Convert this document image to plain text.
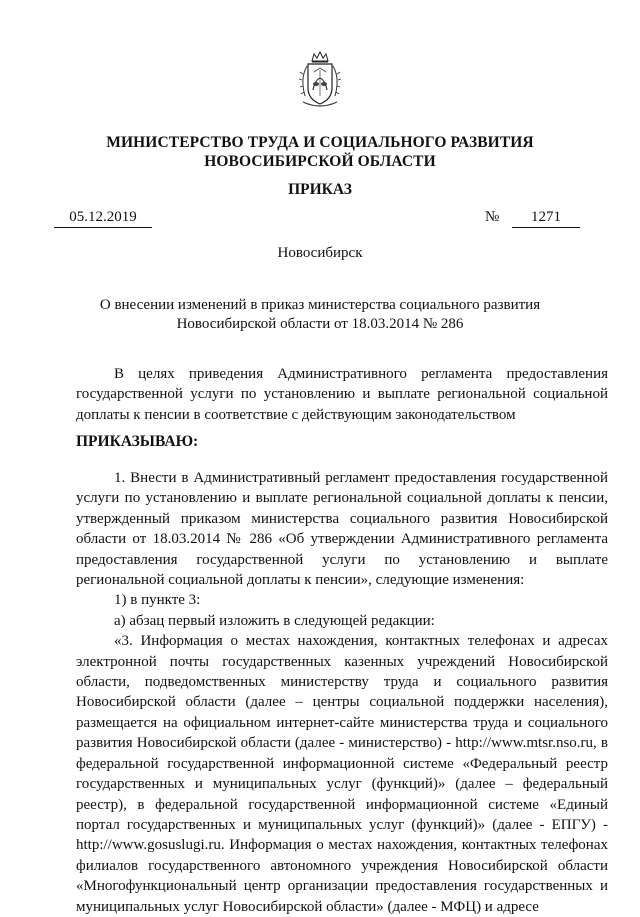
МИНИСТЕРСТВО ТРУДА И СОЦИАЛЬНОГО РАЗВИТИЯ
НОВОСИБИРСКОЙ ОБЛАСТИ
ПРИКАЗ
05.12.2019	№	1271
Новосибирск
О внесении изменений в приказ министерства социального развития
Новосибирской области от 18.03.2014 № 286

В целях приведения Административного регламента предоставления государственной услуги по установлению и выплате региональной социальной доплаты к пенсии в соответствие с действующим законодательством

ПРИКАЗЫВАЮ:

1. Внести в Административный регламент предоставления государственной услуги по установлению и выплате региональной социальной доплаты к пенсии, утвержденный приказом министерства социального развития Новосибирской области от 18.03.2014 № 286 «Об утверждении Административного регламента предоставления государственной услуги по установлению и выплате региональной социальной доплаты к пенсии», следующие изменения:

1) в пункте 3:

а) абзац первый изложить в следующей редакции:

«3. Информация о местах нахождения, контактных телефонах и адресах электронной почты государственных казенных учреждений Новосибирской области, подведомственных министерству труда и социального развития Новосибирской области (далее – центры социальной поддержки населения), размещается на официальном интернет-сайте министерства труда и социального развития Новосибирской области (далее - министерство) - http://www.mtsr.nso.ru, в федеральной государственной информационной системе «Федеральный реестр государственных и муниципальных услуг (функций)» (далее – федеральный реестр), в федеральной государственной информационной системе «Единый портал государственных и муниципальных услуг (функций)» (далее - ЕПГУ) - http://www.gosuslugi.ru. Информация о местах нахождения, контактных телефонах филиалов государственного автономного учреждения Новосибирской области «Многофункциональный центр организации предоставления государственных и муниципальных услуг Новосибирской области» (далее - МФЦ) и адресе
